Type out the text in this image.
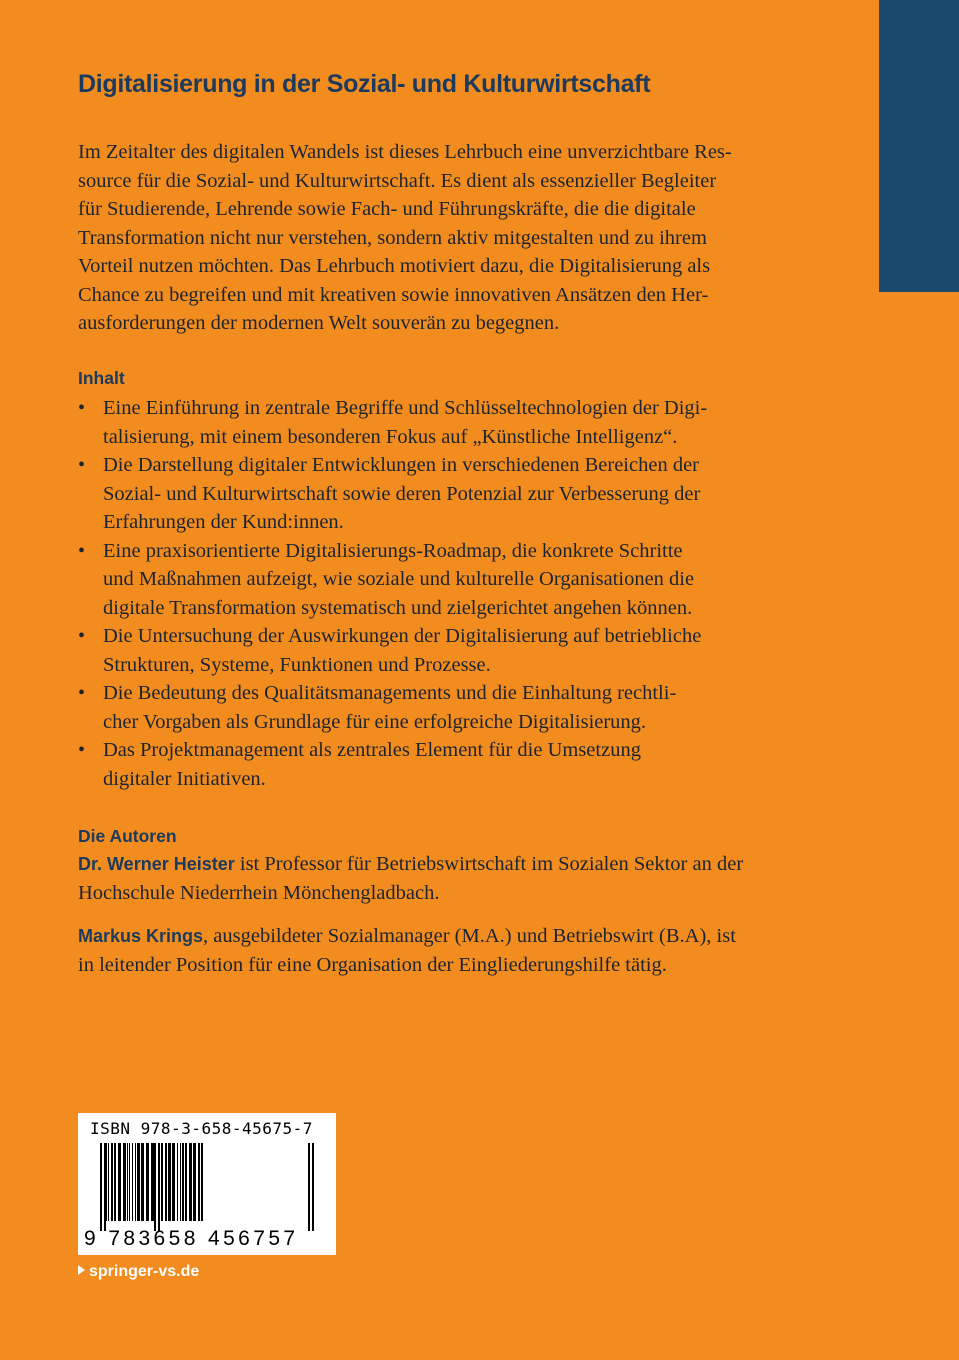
Digitalisierung in der Sozial- und Kulturwirtschaft
Im Zeitalter des digitalen Wandels ist dieses Lehrbuch eine unverzichtbare Res-
source für die Sozial- und Kulturwirtschaft. Es dient als essenzieller Begleiter
für Studierende, Lehrende sowie Fach- und Führungskräfte, die die digitale
Transformation nicht nur verstehen, sondern aktiv mitgestalten und zu ihrem
Vorteil nutzen möchten. Das Lehrbuch motiviert dazu, die Digitalisierung als
Chance zu begreifen und mit kreativen sowie innovativen Ansätzen den Her-
ausforderungen der modernen Welt souverän zu begegnen.
Inhalt
• Eine Einführung in zentrale Begriffe und Schlüsseltechnologien der Digi-
talisierung, mit einem besonderen Fokus auf „Künstliche Intelligenz“.
• Die Darstellung digitaler Entwicklungen in verschiedenen Bereichen der
Sozial- und Kulturwirtschaft sowie deren Potenzial zur Verbesserung der
Erfahrungen der Kund:innen.
• Eine praxisorientierte Digitalisierungs-Roadmap, die konkrete Schritte
und Maßnahmen aufzeigt, wie soziale und kulturelle Organisationen die
digitale Transformation systematisch und zielgerichtet angehen können.
• Die Untersuchung der Auswirkungen der Digitalisierung auf betriebliche
Strukturen, Systeme, Funktionen und Prozesse.
• Die Bedeutung des Qualitätsmanagements und die Einhaltung rechtli-
cher Vorgaben als Grundlage für eine erfolgreiche Digitalisierung.
• Das Projektmanagement als zentrales Element für die Umsetzung
digitaler Initiativen.
Die Autoren
Dr. Werner Heister ist Professor für Betriebswirtschaft im Sozialen Sektor an der
Hochschule Niederrhein Mönchengladbach.
Markus Krings, ausgebildeter Sozialmanager (M.A.) und Betriebswirt (B.A), ist
in leitender Position für eine Organisation der Eingliederungshilfe tätig.
ISBN 978-3-658-45675-7
9 783658 456757
springer-vs.de
